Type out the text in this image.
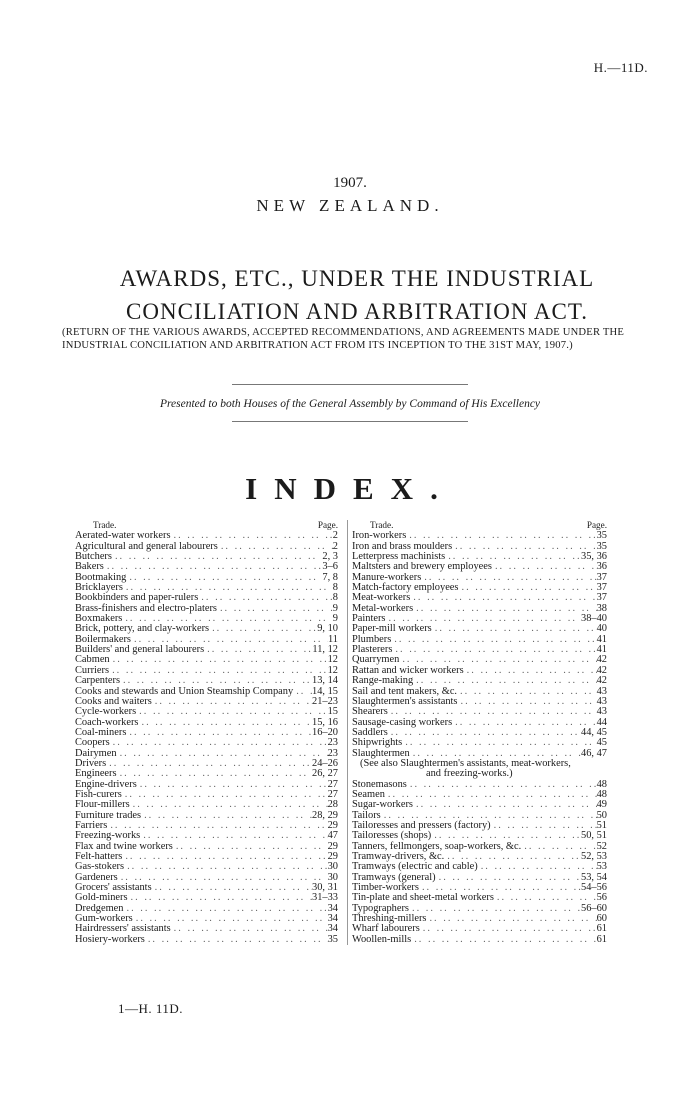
H.—11D.
1907.
NEW ZEALAND.
AWARDS, ETC., UNDER THE INDUSTRIAL CONCILIATION AND ARBITRATION ACT.
(RETURN OF THE VARIOUS AWARDS, ACCEPTED RECOMMENDATIONS, AND AGREEMENTS MADE UNDER THE INDUSTRIAL CONCILIATION AND ARBITRATION ACT FROM ITS INCEPTION TO THE 31ST MAY, 1907.)
Presented to both Houses of the General Assembly by Command of His Excellency
INDEX.
Trade.	Page.
Aerated-water workers .. .	2
Agricultural and general labourers .. .	2
Butchers .. .	2, 3
Bakers .. .	3–6
Bootmaking .. .	7, 8
Bricklayers .. .	8
Bookbinders and paper-rulers .. .	8
Brass-finishers and electro-platers .. .	9
Boxmakers .. .	9
Brick, pottery, and clay-workers .. .	9, 10
Boilermakers .. .	11
Builders' and general labourers .. .	11, 12
Cabmen .. .	12
Curriers .. .	12
Carpenters .. .	13, 14
Cooks and stewards and Union Steamship Company .. . 14, 15
Cooks and waiters .. .	21–23
Cycle-workers .. .	15
Coach-workers .. .	15, 16
Coal-miners .. .	16–20
Coopers .. .	23
Dairymen .. .	23
Drivers .. .	24–26
Engineers .. .	26, 27
Engine-drivers .. .	27
Fish-curers .. .	27
Flour-millers .. .	28
Furniture trades .. .	28, 29
Farriers .. .	29
Freezing-works .. .	47
Flax and twine workers .. .	29
Felt-hatters .. .	29
Gas-stokers .. .	30
Gardeners .. .	30
Grocers' assistants .. .	30, 31
Gold-miners .. .	31–33
Dredgemen .. .	34
Gum-workers .. .	34
Hairdressers' assistants .. .	34
Hosiery-workers .. .	35
Trade.	Page.
Iron-workers .. .	35
Iron and brass moulders .. .	35
Letterpress machinists .. .	35, 36
Maltsters and brewery employees .. .	36
Manure-workers .. .	37
Match-factory employees .. .	37
Meat-workers .. .	37
Metal-workers .. .	38
Painters .. .	38–40
Paper-mill workers .. .	40
Plumbers .. .	41
Plasterers .. .	41
Quarrymen .. .	42
Rattan and wicker workers .. .	42
Range-making .. .	42
Sail and tent makers, &c. .. .	43
Slaughtermen's assistants .. .	43
Shearers .. .	43
Sausage-casing workers .. .	44
Saddlers .. .	44, 45
Shipwrights .. .	45
Slaughtermen .. .	46, 47
(See also Slaughtermen's assistants, meat-workers,
and freezing-works.)
Stonemasons .. .	48
Seamen .. .	48
Sugar-workers .. .	49
Tailors .. .	50
Tailoresses and pressers (factory) .. .	51
Tailoresses (shops) .. .	50, 51
Tanners, fellmongers, soap-workers, &c. .. .	52
Tramway-drivers, &c. .. .	52, 53
Tramways (electric and cable) .. .	53
Tramways (general) .. .	53, 54
Timber-workers .. .	54–56
Tin-plate and sheet-metal workers .. .	56
Typographers .. .	56–60
Threshing-millers .. .	60
Wharf labourers .. .	61
Woollen-mills .. .	61
1—H. 11D.
